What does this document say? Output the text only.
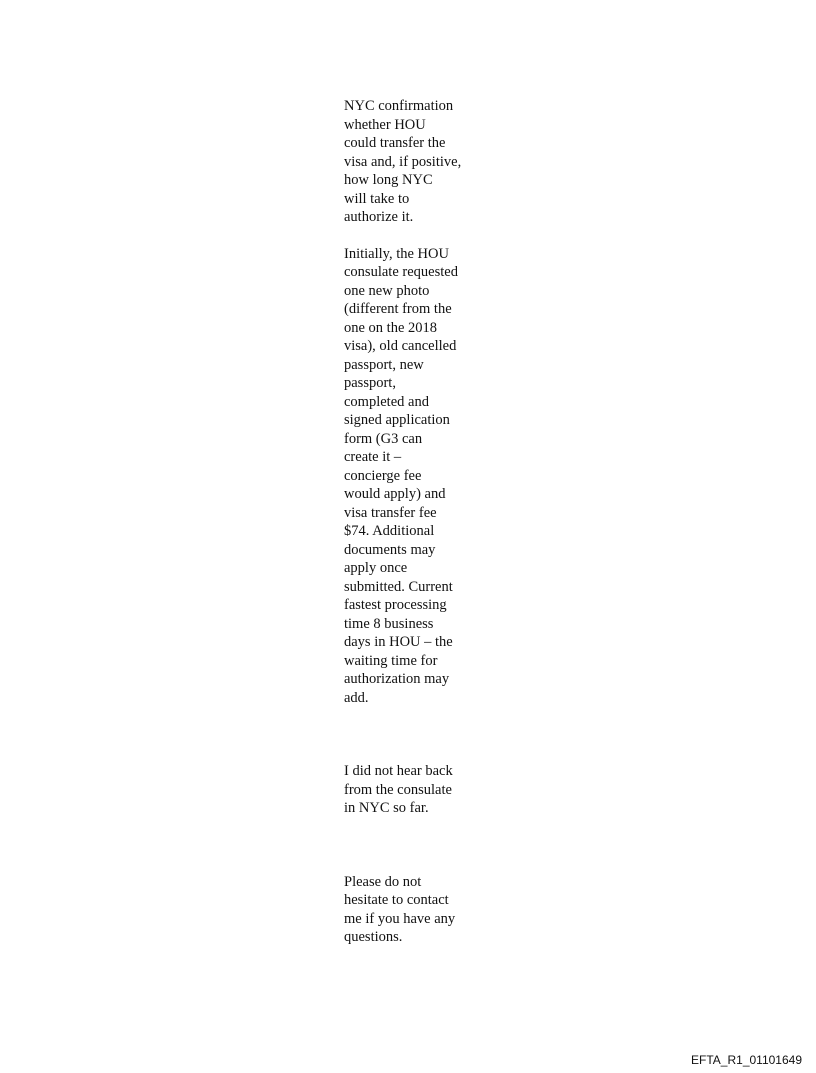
NYC confirmation
whether HOU
could transfer the
visa and, if positive,
how long NYC
will take to
authorize it.

Initially, the HOU
consulate requested
one new photo
(different from the
one on the 2018
visa), old cancelled
passport, new
passport,
completed and
signed application
form (G3 can
create it –
concierge fee
would apply) and
visa transfer fee
$74. Additional
documents may
apply once
submitted. Current
fastest processing
time 8 business
days in HOU – the
waiting time for
authorization may
add.

I did not hear back
from the consulate
in NYC so far.

Please do not
hesitate to contact
me if you have any
questions.

EFTA_R1_01101649
